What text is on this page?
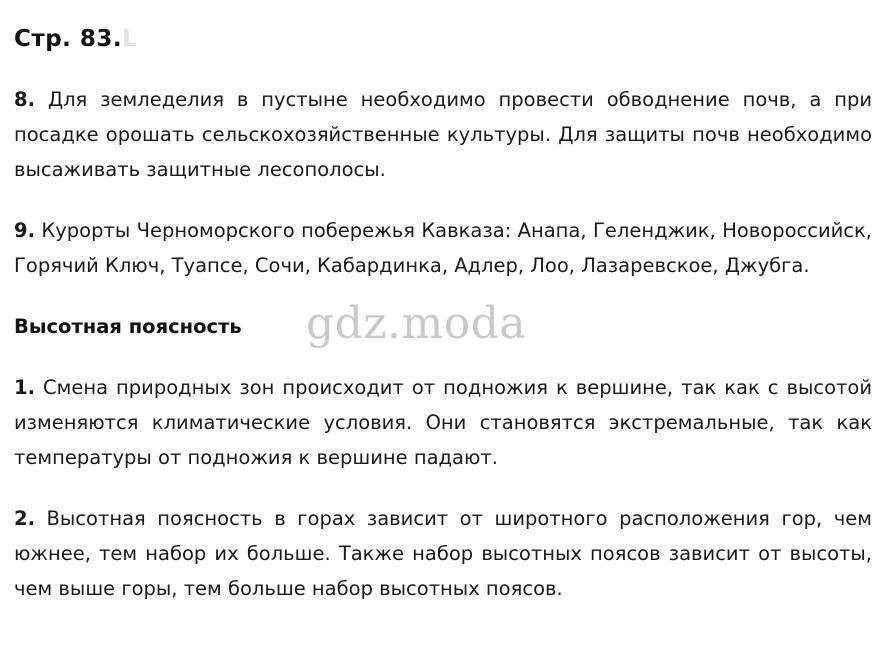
Стр. 83.L

8. Для земледелия в пустыне необходимо провести обводнение почв, а при посадке орошать сельскохозяйственные культуры. Для защиты почв необходимо высаживать защитные лесополосы.

9. Курорты Черноморского побережья Кавказа: Анапа, Геленджик, Новороссийск, Горячий Ключ, Туапсе, Сочи, Кабардинка, Адлер, Лоо, Лазаревское, Джубга.

Высотная поясность

1. Смена природных зон происходит от подножия к вершине, так как с высотой изменяются климатические условия. Они становятся экстремальные, так как температуры от подножия к вершине падают.

2. Высотная поясность в горах зависит от широтного расположения гор, чем южнее, тем набор их больше. Также набор высотных поясов зависит от высоты, чем выше горы, тем больше набор высотных поясов.

gdz.moda
